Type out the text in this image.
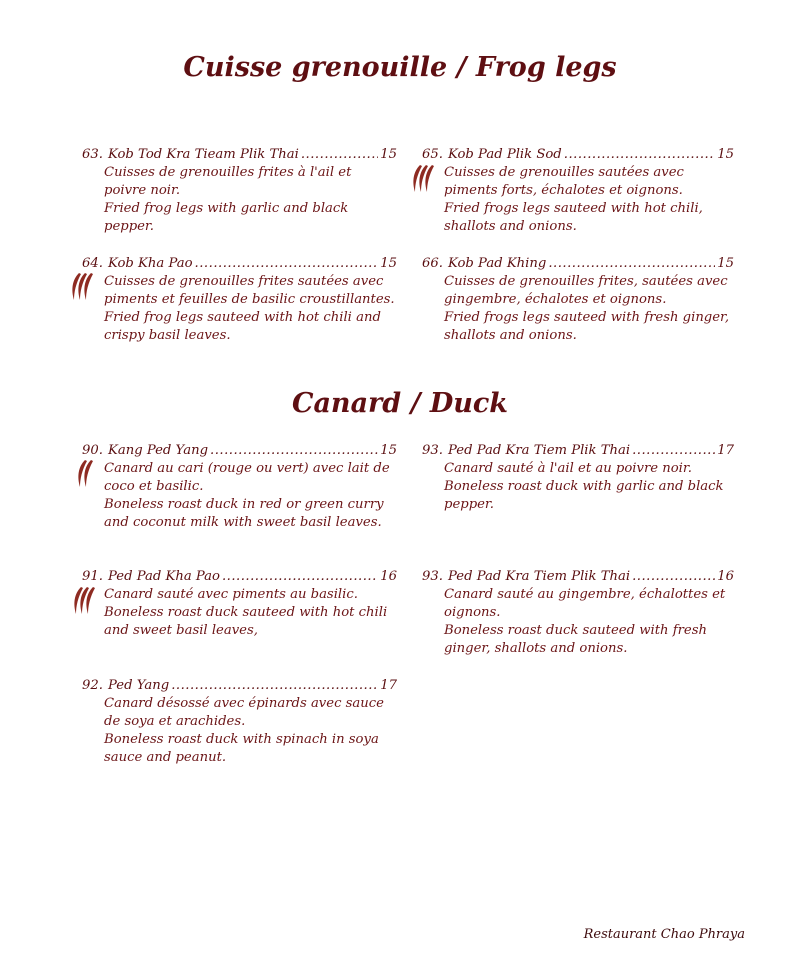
Cuisse grenouille / Frog legs
63. Kob Tod Kra Tieam Plik Thai .....	15

Cuisses de grenouilles frites à l'ail et poivre noir.

Fried frog legs with garlic and black pepper.

65. Kob Pad Plik Sod .....	15

Cuisses de grenouilles sautées avec piments forts, échalotes et oignons.

Fried frogs legs sauteed with hot chili, shallots and onions.

64. Kob Kha Pao .....	15

Cuisses de grenouilles frites sautées avec piments et feuilles de basilic croustillantes.

Fried frog legs sauteed with hot chili and crispy basil leaves.

66. Kob Pad Khing .....	15

Cuisses de grenouilles frites, sautées avec gingembre, échalotes et oignons.

Fried frogs legs sauteed with fresh ginger, shallots and onions.

Canard / Duck
90. Kang Ped Yang .....	15

Canard au cari (rouge ou vert) avec lait de coco et basilic.

Boneless roast duck in red or green curry and coconut milk with sweet basil leaves.

93. Ped Pad Kra Tiem Plik Thai .....	17

Canard sauté à l'ail et au poivre noir.

Boneless roast duck with garlic and black pepper.

91. Ped Pad Kha Pao .....	16

Canard sauté avec piments au basilic.

Boneless roast duck sauteed with hot chili and sweet basil leaves,

93. Ped Pad Kra Tiem Plik Thai .....	16

Canard sauté au gingembre, échalottes et oignons.

Boneless roast duck sauteed with fresh ginger, shallots and onions.

92. Ped Yang .....	17

Canard désossé avec épinards avec sauce de soya et arachides.

Boneless roast duck with spinach in soya sauce and peanut.

Restaurant Chao Phraya
